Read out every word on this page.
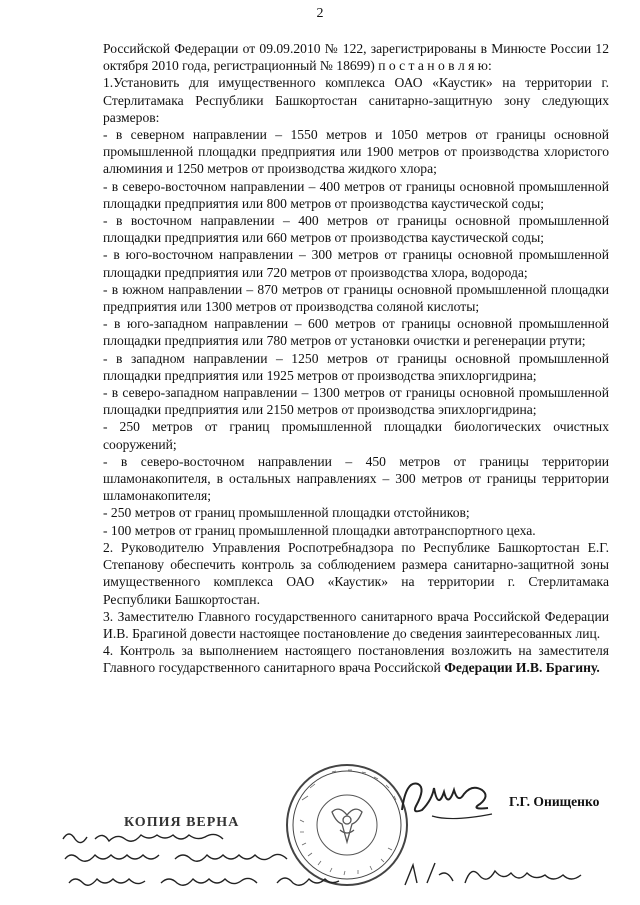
2

Российской Федерации от 09.09.2010 № 122, зарегистрированы в Минюсте России 12 октября 2010 года, регистрационный № 18699) п о с т а н о в л я ю:

1.Установить для имущественного комплекса ОАО «Каустик» на территории г. Стерлитамака Республики Башкортостан санитарно-защитную зону следующих размеров:

- в северном направлении – 1550 метров и 1050 метров от границы основной промышленной площадки предприятия или 1900 метров от производства хлористого алюминия и 1250 метров от производства жидкого хлора;

- в северо-восточном направлении – 400 метров от границы основной промышленной площадки предприятия или 800 метров от производства каустической соды;

- в восточном направлении – 400 метров от границы основной промышленной площадки предприятия или 660 метров от производства каустической соды;

- в юго-восточном направлении – 300 метров от границы основной промышленной площадки предприятия или 720 метров от производства хлора, водорода;

- в южном направлении – 870 метров от границы основной промышленной площадки предприятия или 1300 метров от производства соляной кислоты;

- в юго-западном направлении – 600 метров от границы основной промышленной площадки предприятия или 780 метров от установки очистки и регенерации ртути;

- в западном направлении – 1250 метров от границы основной промышленной площадки предприятия или 1925 метров от производства эпихлоргидрина;

- в северо-западном направлении – 1300 метров от границы основной промышленной площадки предприятия или 2150 метров от производства эпихлоргидрина;

- 250 метров от границ промышленной площадки биологических очистных сооружений;

- в северо-восточном направлении – 450 метров от границы территории шламонакопителя, в остальных направлениях – 300 метров от границы территории шламонакопителя;

- 250 метров от границ промышленной площадки отстойников;

- 100 метров от границ промышленной площадки автотранспортного цеха.

2. Руководителю Управления Роспотребнадзора по Республике Башкортостан Е.Г. Степанову обеспечить контроль за соблюдением размера санитарно-защитной зоны имущественного комплекса ОАО «Каустик» на территории г. Стерлитамака Республики Башкортостан.

3. Заместителю Главного государственного санитарного врача Российской Федерации И.В. Брагиной довести настоящее постановление до сведения заинтересованных лиц.

4. Контроль за выполнением настоящего постановления возложить на заместителя Главного государственного санитарного врача Российской Федерации И.В. Брагину.

Г.Г. Онищенко
КОПИЯ ВЕРНА
